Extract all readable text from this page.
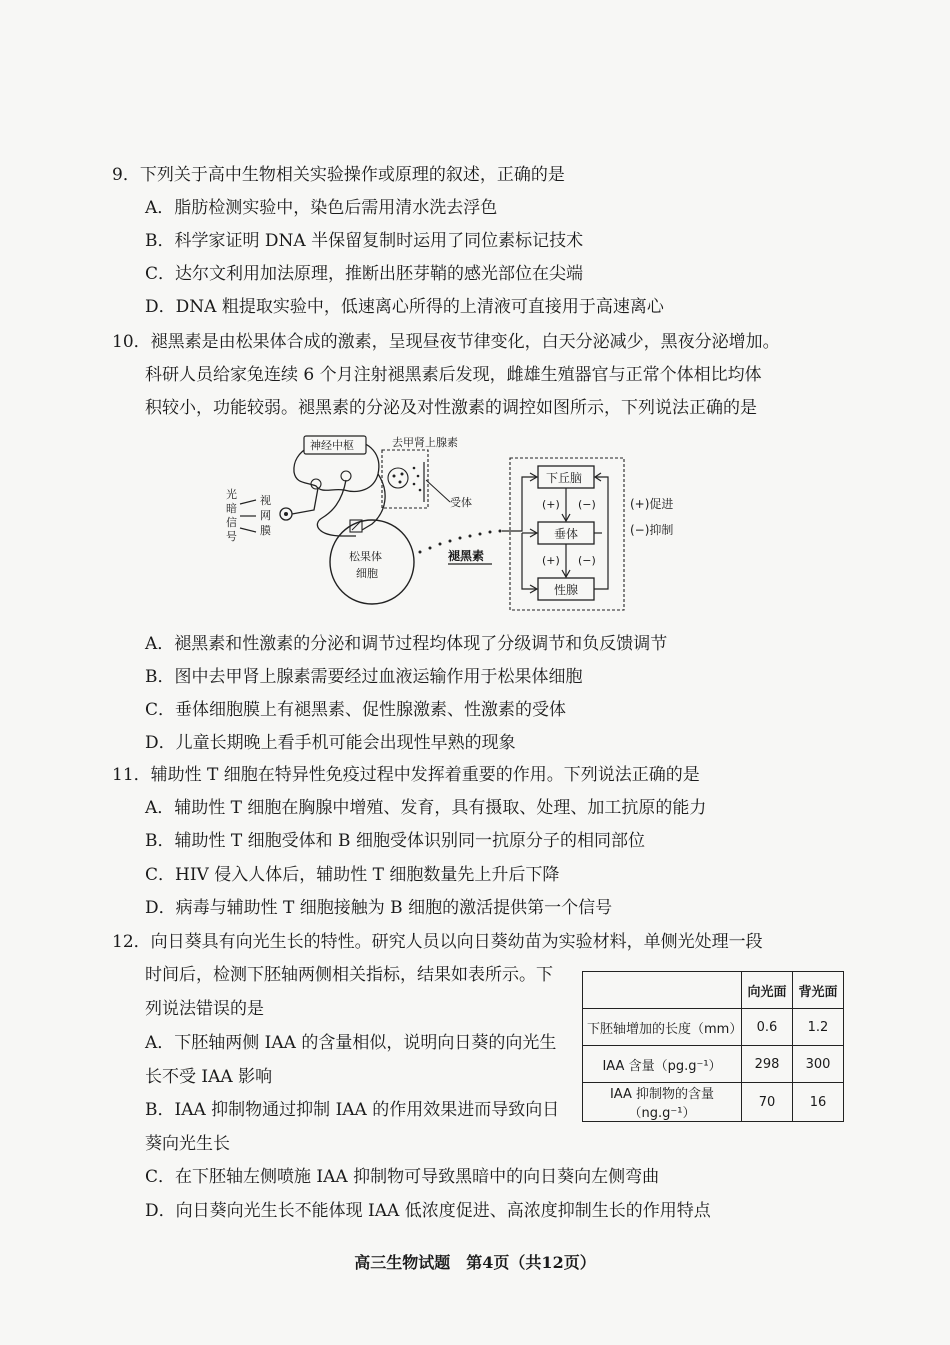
9．下列关于高中生物相关实验操作或原理的叙述，正确的是
A．脂肪检测实验中，染色后需用清水洗去浮色
B．科学家证明 DNA 半保留复制时运用了同位素标记技术
C．达尔文利用加法原理，推断出胚芽鞘的感光部位在尖端
D．DNA 粗提取实验中，低速离心所得的上清液可直接用于高速离心
10．褪黑素是由松果体合成的激素，呈现昼夜节律变化，白天分泌减少，黑夜分泌增加。
科研人员给家兔连续 6 个月注射褪黑素后发现，雌雄生殖器官与正常个体相比均体
积较小，功能较弱。褪黑素的分泌及对性激素的调控如图所示，下列说法正确的是
光
暗
信
号
视
网
膜
神经中枢	去甲肾上腺素
受体
松果体
细胞
褪黑素
下丘脑
垂体
性腺
(+) (−)
(+) (−)
(+)促进
(−)抑制
A．褪黑素和性激素的分泌和调节过程均体现了分级调节和负反馈调节
B．图中去甲肾上腺素需要经过血液运输作用于松果体细胞
C．垂体细胞膜上有褪黑素、促性腺激素、性激素的受体
D．儿童长期晚上看手机可能会出现性早熟的现象
11．辅助性 T 细胞在特异性免疫过程中发挥着重要的作用。下列说法正确的是
A．辅助性 T 细胞在胸腺中增殖、发育，具有摄取、处理、加工抗原的能力
B．辅助性 T 细胞受体和 B 细胞受体识别同一抗原分子的相同部位
C．HIV 侵入人体后，辅助性 T 细胞数量先上升后下降
D．病毒与辅助性 T 细胞接触为 B 细胞的激活提供第一个信号
12．向日葵具有向光生长的特性。研究人员以向日葵幼苗为实验材料，单侧光处理一段
时间后，检测下胚轴两侧相关指标，结果如表所示。下
列说法错误的是
A．下胚轴两侧 IAA 的含量相似，说明向日葵的向光生
长不受 IAA 影响
B．IAA 抑制物通过抑制 IAA 的作用效果进而导致向日
葵向光生长
C．在下胚轴左侧喷施 IAA 抑制物可导致黑暗中的向日葵向左侧弯曲
D．向日葵向光生长不能体现 IAA 低浓度促进、高浓度抑制生长的作用特点
	向光面	背光面
下胚轴增加的长度（mm）	0.6	1.2
IAA 含量（pg.g⁻¹）	298	300
IAA 抑制物的含量（ng.g⁻¹）	70	16
高三生物试题　第4页（共12页）
